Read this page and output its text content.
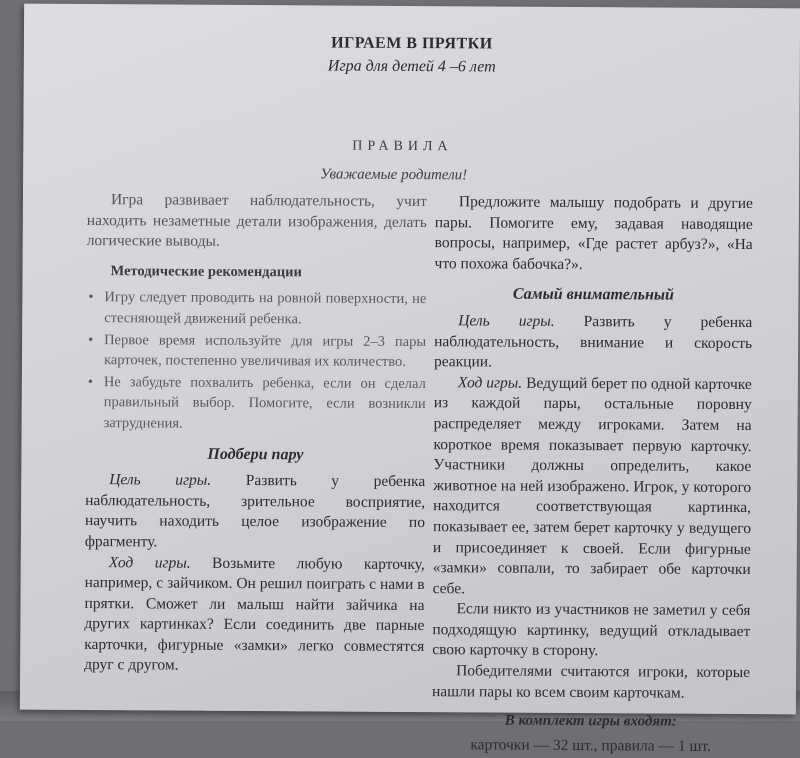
ИГРАЕМ В ПРЯТКИ
Игра для детей 4 –6 лет
ПРАВИЛА
Уважаемые родители!

Игра развивает наблюдательность, учит находить незаметные детали изображения, делать логические выводы.

Методические рекомендации
• Игру следует проводить на ровной поверхности, не стесняющей движений ребенка.
• Первое время используйте для игры 2–3 пары карточек, постепенно увеличивая их количество.
• Не забудьте похвалить ребенка, если он сделал правильный выбор. Помогите, если возникли затруднения.
Подбери пару

Цель игры. Развить у ребенка наблюдательность, зрительное восприятие, научить находить целое изображение по фрагменту.

Ход игры. Возьмите любую карточку, например, с зайчиком. Он решил поиграть с нами в прятки. Сможет ли малыш найти зайчика на других картинках? Если соединить две парные карточки, фигурные «замки» легко совместятся друг с другом.

Предложите малышу подобрать и другие пары. Помогите ему, задавая наводящие вопросы, например, «Где растет арбуз?», «На что похожа бабочка?».

Самый внимательный

Цель игры. Развить у ребенка наблюдательность, внимание и скорость реакции.

Ход игры. Ведущий берет по одной карточке из каждой пары, остальные поровну распределяет между игроками. Затем на короткое время показывает первую карточку. Участники должны определить, какое животное на ней изображено. Игрок, у которого находится соответствующая картинка, показывает ее, затем берет карточку у ведущего и присоединяет к своей. Если фигурные «замки» совпали, то забирает обе карточки себе.

Если никто из участников не заметил у себя подходящую картинку, ведущий откладывает свою карточку в сторону.

Победителями считаются игроки, которые нашли пары ко всем своим карточкам.

В комплект игры входят:
карточки — 32 шт., правила — 1 шт.
